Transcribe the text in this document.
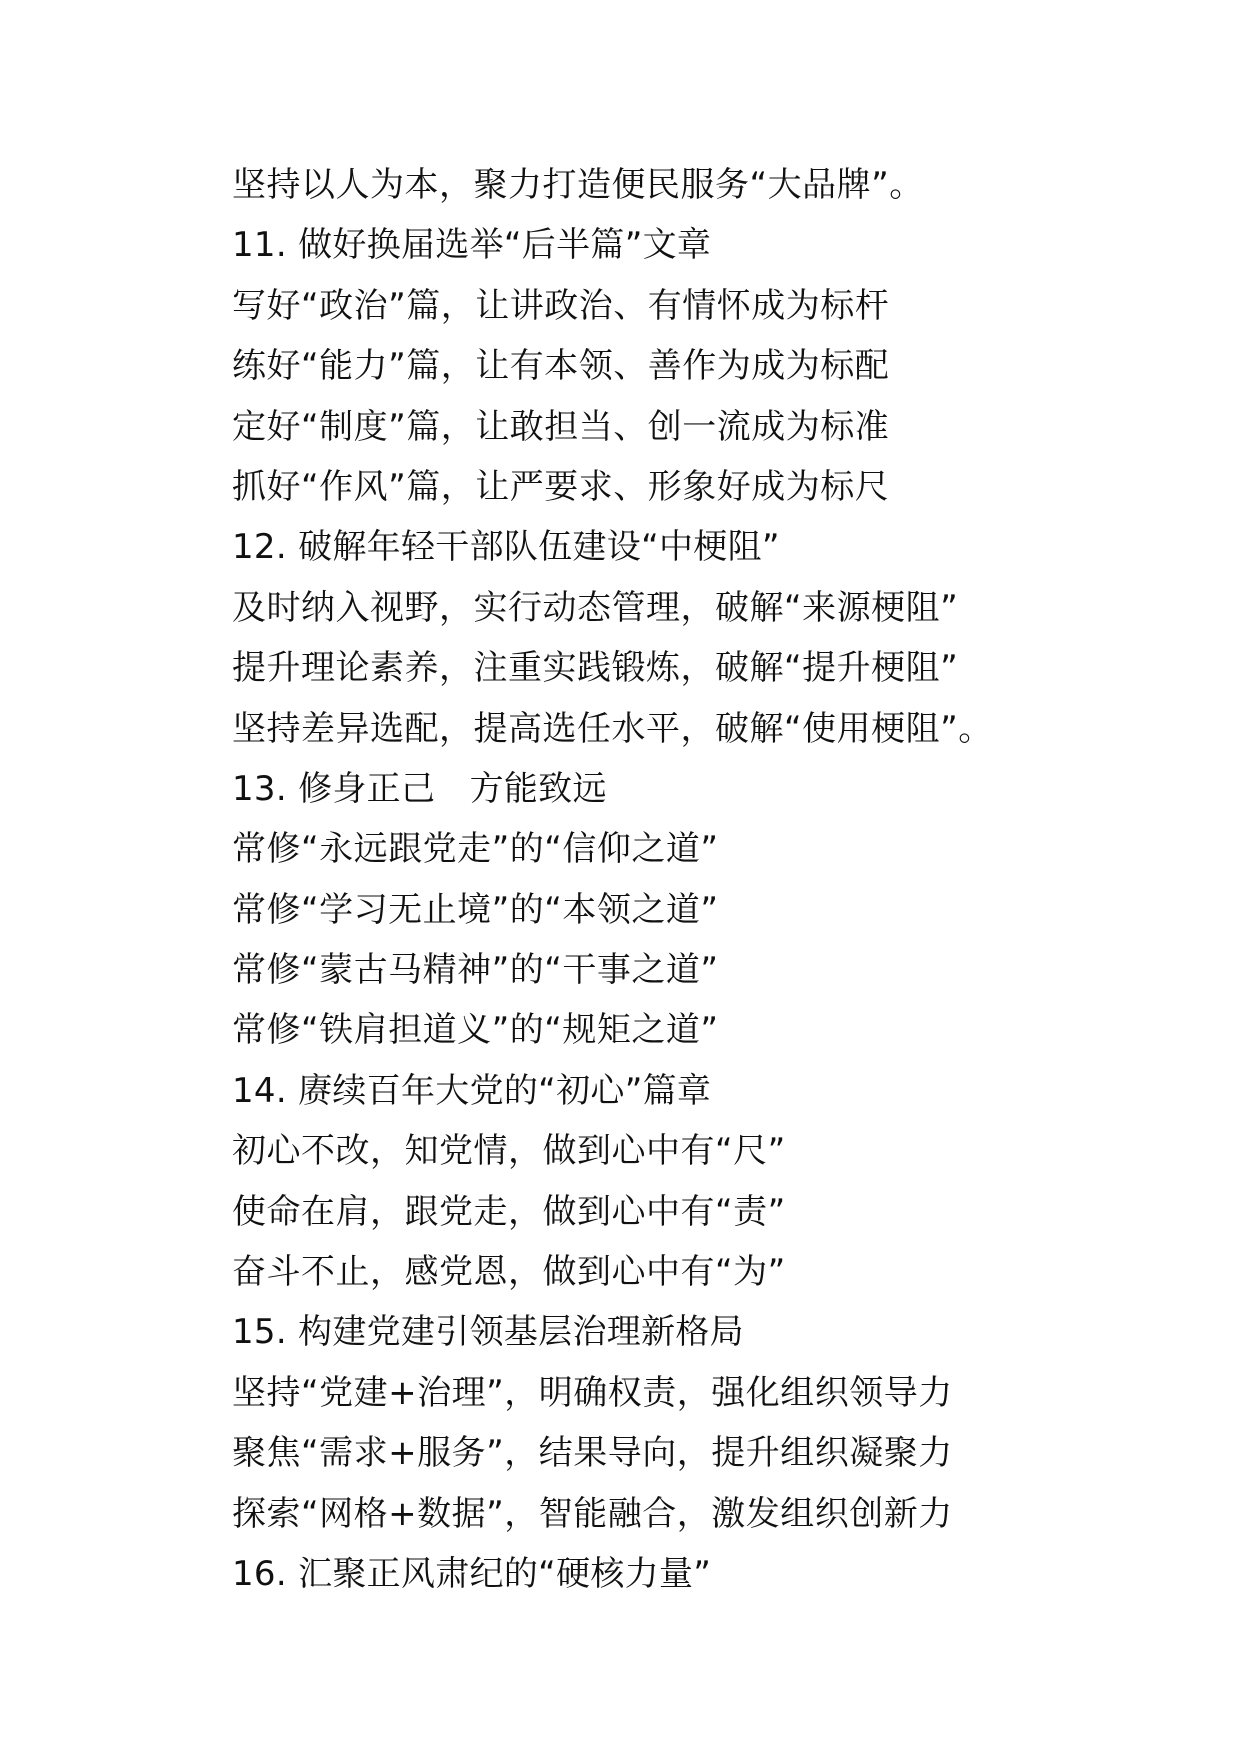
坚持以人为本，聚力打造便民服务“大品牌”。
11. 做好换届选举“后半篇”文章
写好“政治”篇，让讲政治、有情怀成为标杆
练好“能力”篇，让有本领、善作为成为标配
定好“制度”篇，让敢担当、创一流成为标准
抓好“作风”篇，让严要求、形象好成为标尺
12. 破解年轻干部队伍建设“中梗阻”
及时纳入视野，实行动态管理，破解“来源梗阻”
提升理论素养，注重实践锻炼，破解“提升梗阻”
坚持差异选配，提高选任水平，破解“使用梗阻”。
13. 修身正己　方能致远
常修“永远跟党走”的“信仰之道”
常修“学习无止境”的“本领之道”
常修“蒙古马精神”的“干事之道”
常修“铁肩担道义”的“规矩之道”
14. 赓续百年大党的“初心”篇章
初心不改，知党情，做到心中有“尺”
使命在肩，跟党走，做到心中有“责”
奋斗不止，感党恩，做到心中有“为”
15. 构建党建引领基层治理新格局
坚持“党建+治理”，明确权责，强化组织领导力
聚焦“需求+服务”，结果导向，提升组织凝聚力
探索“网格+数据”，智能融合，激发组织创新力
16. 汇聚正风肃纪的“硬核力量”
